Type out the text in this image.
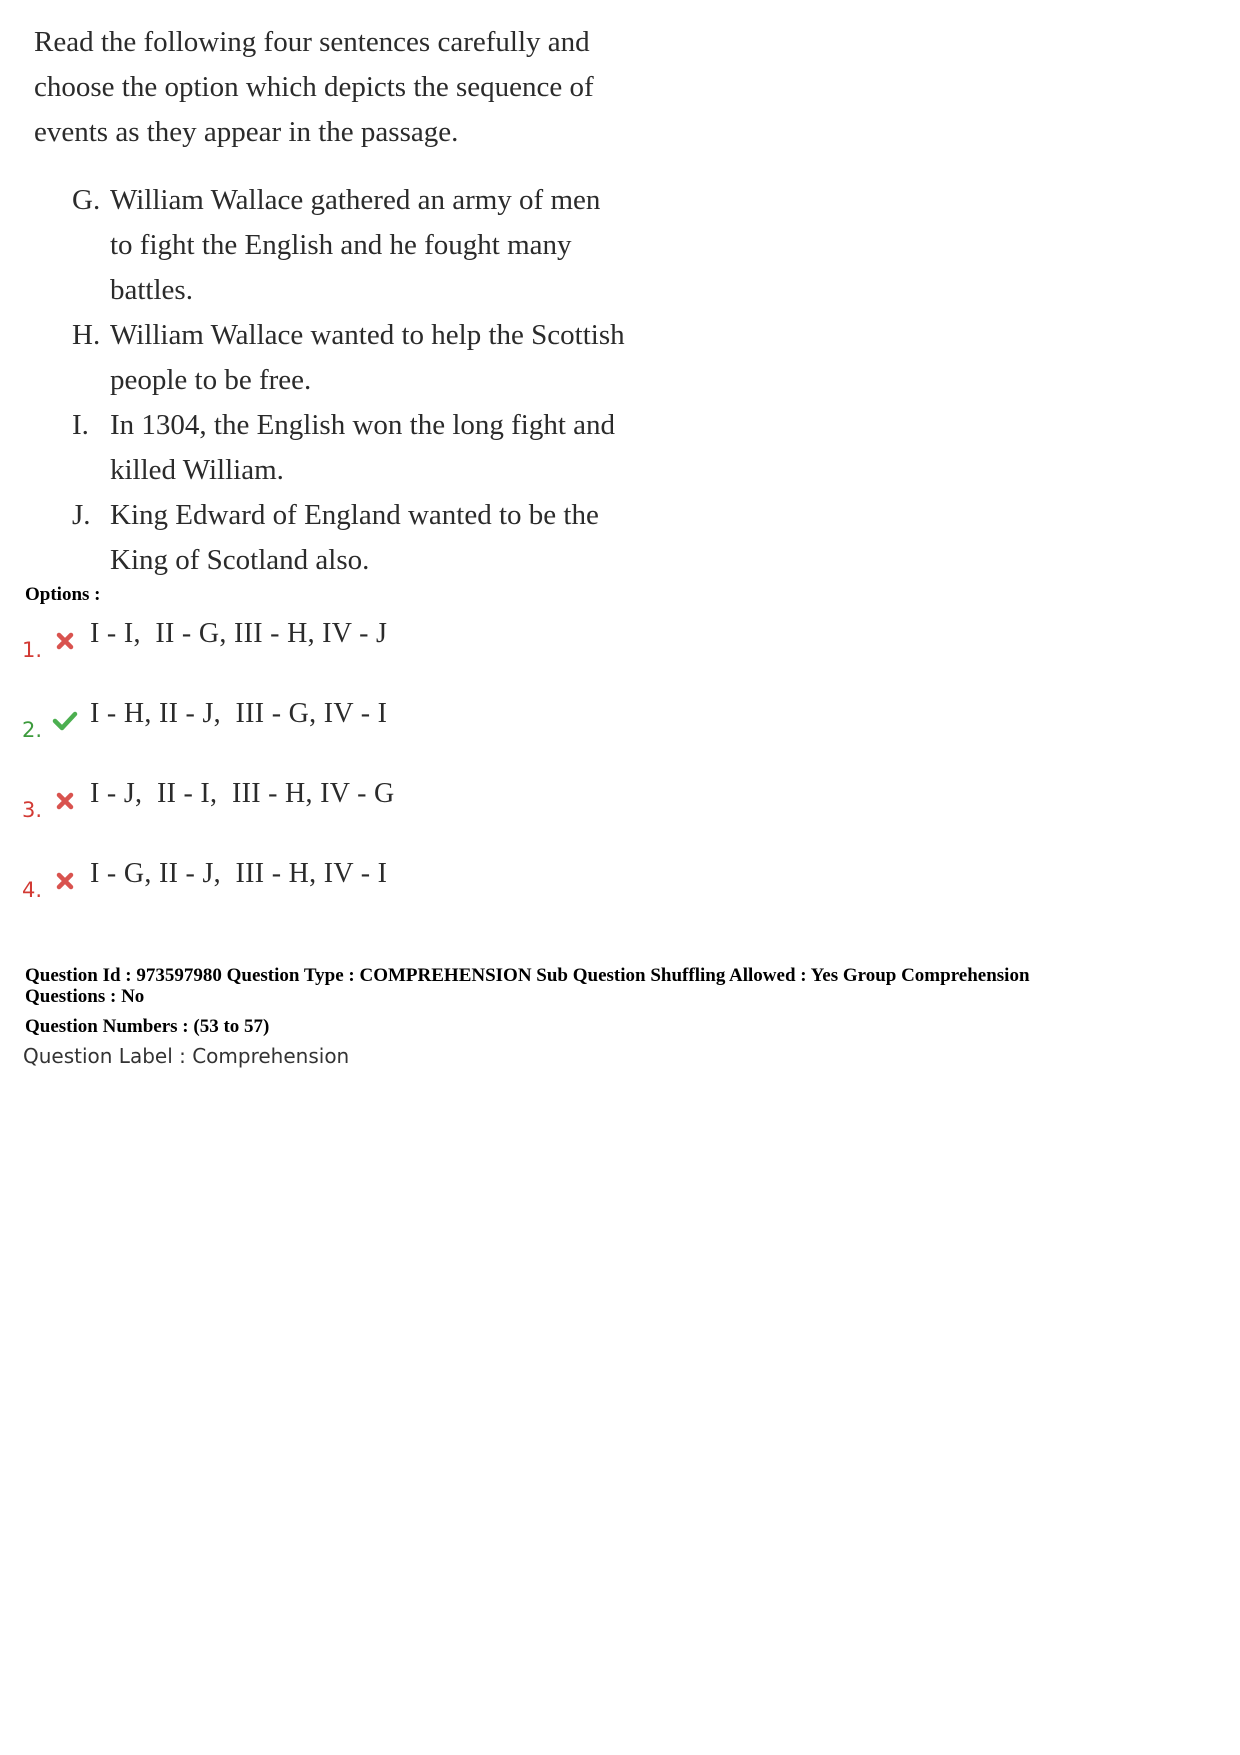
Read the following four sentences carefully and

choose the option which depicts the sequence of

events as they appear in the passage.

G. William Wallace gathered an army of men
to fight the English and he fought many
battles.
H. William Wallace wanted to help the Scottish
people to be free.
I. In 1304, the English won the long fight and
killed William.
J. King Edward of England wanted to be the
King of Scotland also.
Options :
1.
I - I,  II - G, III - H, IV - J
2.
I - H, II - J,  III - G, IV - I
3.
I - J,  II - I,  III - H, IV - G
4.
I - G, II - J,  III - H, IV - I
Question Id : 973597980 Question Type : COMPREHENSION Sub Question Shuffling Allowed : Yes Group Comprehension
Questions : No
Question Numbers : (53 to 57)
Question Label : Comprehension
